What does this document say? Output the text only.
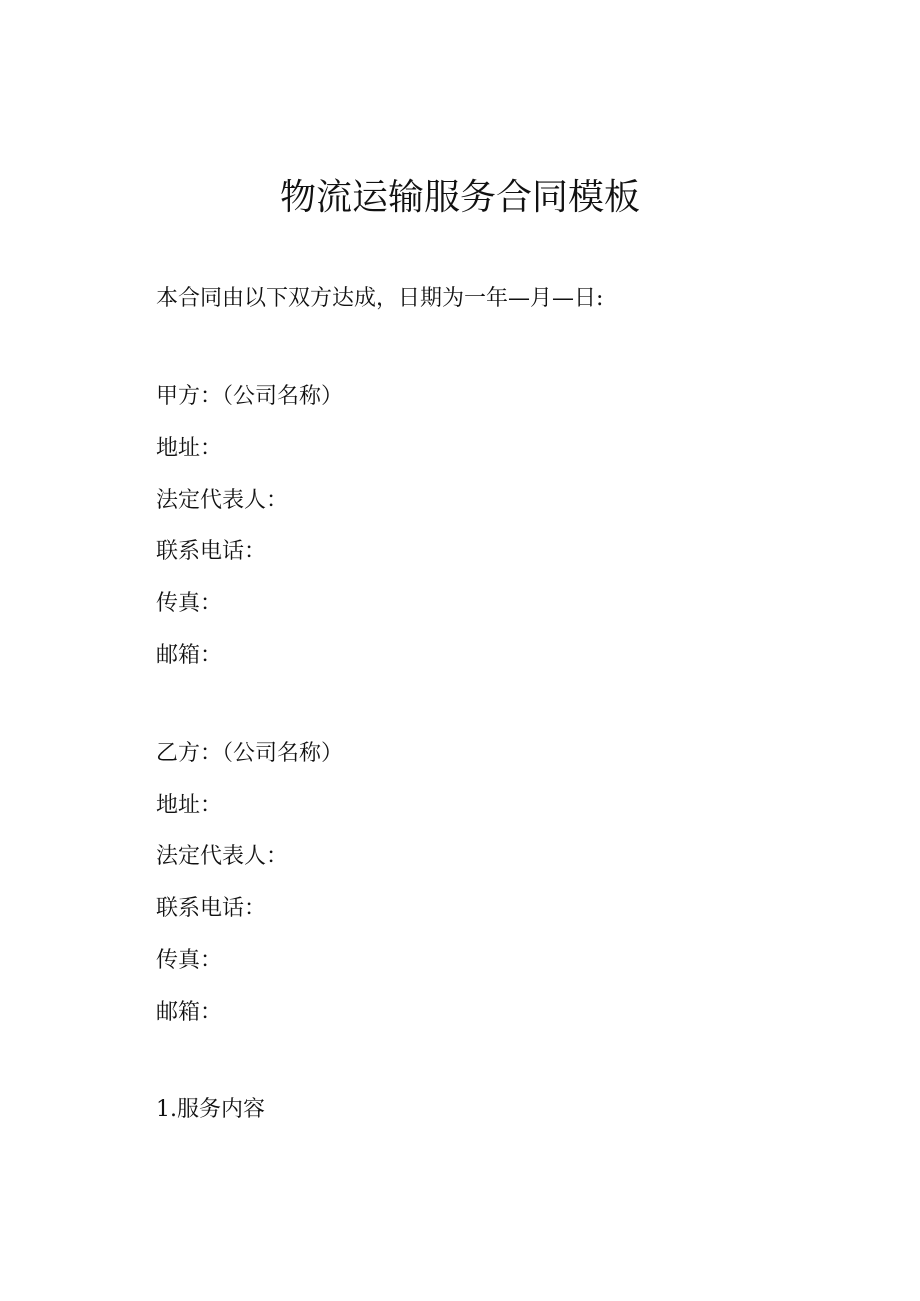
物流运输服务合同模板
本合同由以下双方达成，日期为一年—月—日:
甲方：（公司名称）
地址：
法定代表人：
联系电话：
传真：
邮箱：
乙方：（公司名称）
地址：
法定代表人：
联系电话：
传真：
邮箱：
1.服务内容
